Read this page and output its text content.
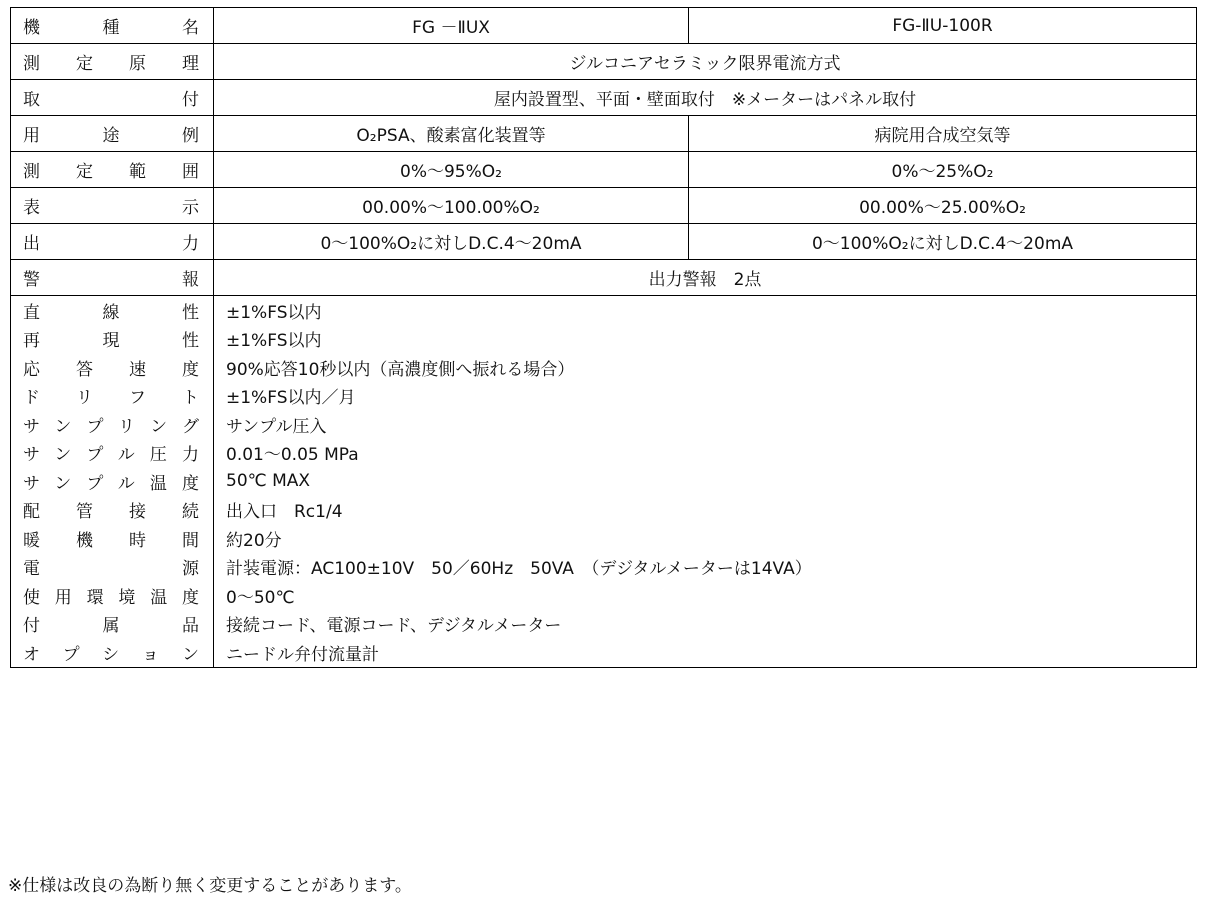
機　種　名	FG －ⅡUX	FG-ⅡU-100R
測定原理	ジルコニアセラミック限界電流方式	
取付	屋内設置型、平面・壁面取付　※メーターはパネル取付	
用途例	O₂PSA、酸素富化装置等	病院用合成空気等
測定範囲	0%～95%O₂	0%～25%O₂
表示	00.00%～100.00%O₂	00.00%～25.00%O₂
出力	0～100%O₂に対しD.C.4～20mA	0～100%O₂に対しD.C.4～20mA
警報	出力警報　2点	
直線性	±1%FS以内	
再現性	±1%FS以内	
応答速度	90%応答10秒以内（高濃度側へ振れる場合）	
ドリフト	±1%FS以内／月	
サンプリング	サンプル圧入	
サンプル圧力	0.01～0.05 MPa	
サンプル温度	50℃ MAX	
配管接続	出入口　Rc1/4	
暖機時間	約20分	
電源	計装電源：AC100±10V　50／60Hz　50VA　（デジタルメーターは14VA）	
使用環境温度	0～50℃	
付属品	接続コード、電源コード、デジタルメーター	
オプション	ニードル弁付流量計	
※仕様は改良の為断り無く変更することがあります。
